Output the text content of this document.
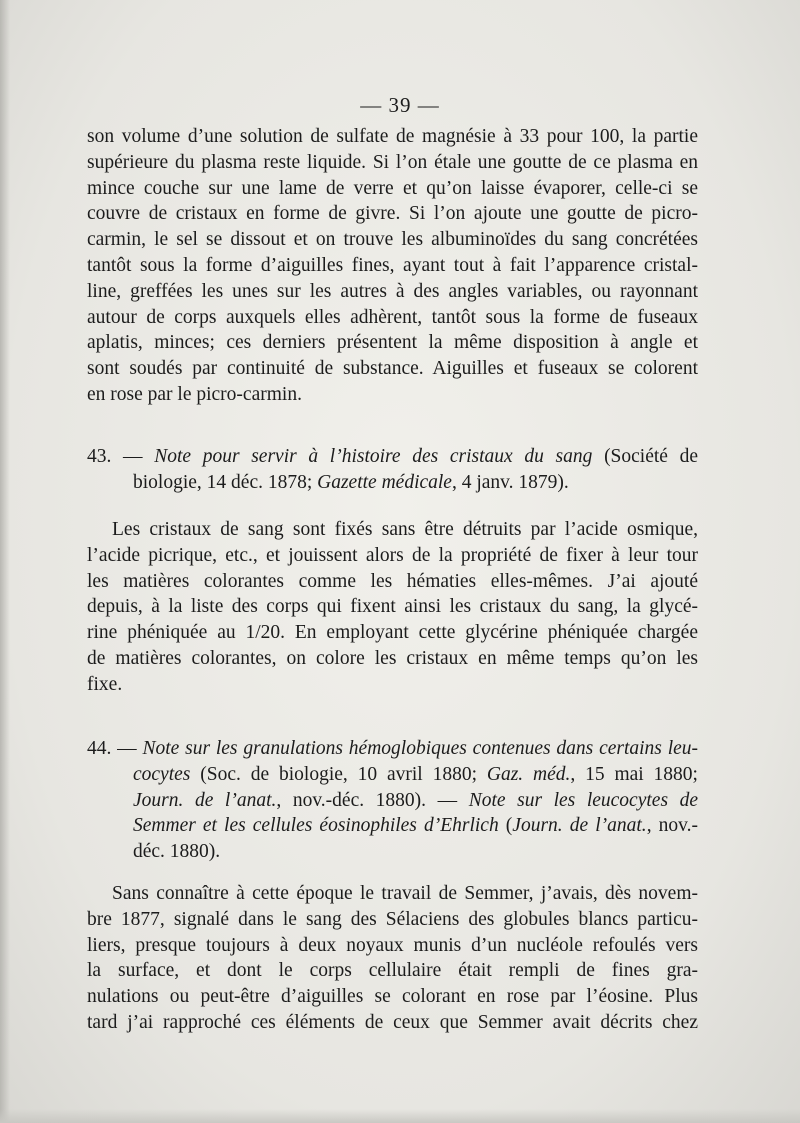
— 39 —
son volume d’une solution de sulfate de magnésie à 33 pour 100, la partie
supérieure du plasma reste liquide. Si l’on étale une goutte de ce plasma en
mince couche sur une lame de verre et qu’on laisse évaporer, celle-ci se
couvre de cristaux en forme de givre. Si l’on ajoute une goutte de picro-
carmin, le sel se dissout et on trouve les albuminoïdes du sang concrétées
tantôt sous la forme d’aiguilles fines, ayant tout à fait l’apparence cristal-
line, greffées les unes sur les autres à des angles variables, ou rayonnant
autour de corps auxquels elles adhèrent, tantôt sous la forme de fuseaux
aplatis, minces; ces derniers présentent la même disposition à angle et
sont soudés par continuité de substance. Aiguilles et fuseaux se colorent
en rose par le picro-carmin.
43. — Note pour servir à l’histoire des cristaux du sang (Société de
biologie, 14 déc. 1878; Gazette médicale, 4 janv. 1879).
Les cristaux de sang sont fixés sans être détruits par l’acide osmique,
l’acide picrique, etc., et jouissent alors de la propriété de fixer à leur tour
les matières colorantes comme les hématies elles-mêmes. J’ai ajouté
depuis, à la liste des corps qui fixent ainsi les cristaux du sang, la glycé-
rine phéniquée au 1/20. En employant cette glycérine phéniquée chargée
de matières colorantes, on colore les cristaux en même temps qu’on les
fixe.
44. — Note sur les granulations hémoglobiques contenues dans certains leu-
cocytes (Soc. de biologie, 10 avril 1880; Gaz. méd., 15 mai 1880;
Journ. de l’anat., nov.-déc. 1880). — Note sur les leucocytes de
Semmer et les cellules éosinophiles d’Ehrlich (Journ. de l’anat., nov.-
déc. 1880).
Sans connaître à cette époque le travail de Semmer, j’avais, dès novem-
bre 1877, signalé dans le sang des Sélaciens des globules blancs particu-
liers, presque toujours à deux noyaux munis d’un nucléole refoulés vers
la surface, et dont le corps cellulaire était rempli de fines gra-
nulations ou peut-être d’aiguilles se colorant en rose par l’éosine. Plus
tard j’ai rapproché ces éléments de ceux que Semmer avait décrits chez
